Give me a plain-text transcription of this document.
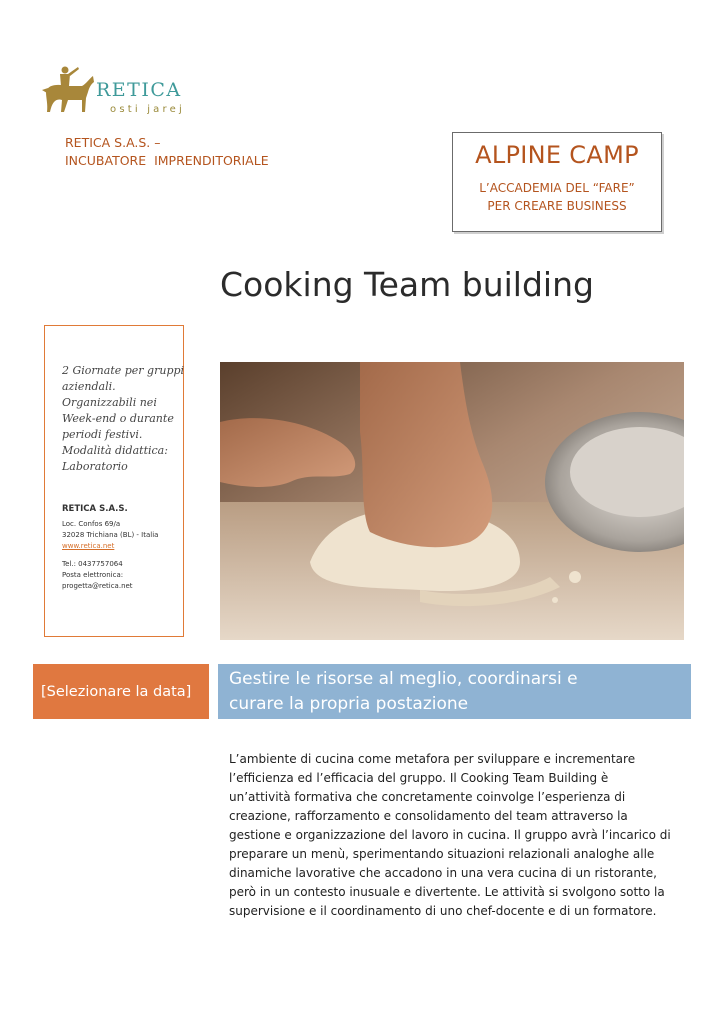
RETICA
osti jarej
RETICA S.A.S. –
INCUBATORE  IMPRENDITORIALE	ALPINE CAMP
L’ACCADEMIA DEL “FARE”
PER CREARE BUSINESS
Cooking Team building
2 Giornate per gruppi
aziendali.
Organizzabili nei
Week-end o durante
periodi festivi.
Modalità didattica:
Laboratorio
RETICA S.A.S.
Loc. Confos 69/a
32028 Trichiana (BL) - Italia
www.retica.net
Tel.: 0437757064
Posta elettronica:
progetta@retica.net
[Selezionare la data]
Gestire le risorse al meglio, coordinarsi e
curare la propria postazione
L’ambiente di cucina come metafora per sviluppare e incrementare
l’efficienza ed l’efficacia del gruppo. Il Cooking Team Building è
un’attività formativa che concretamente coinvolge l’esperienza di
creazione, rafforzamento e consolidamento del team attraverso la
gestione e organizzazione del lavoro in cucina. Il gruppo avrà l’incarico di
preparare un menù, sperimentando situazioni relazionali analoghe alle
dinamiche lavorative che accadono in una vera cucina di un ristorante,
però in un contesto inusuale e divertente. Le attività si svolgono sotto la
supervisione e il coordinamento di uno chef-docente e di un formatore.
